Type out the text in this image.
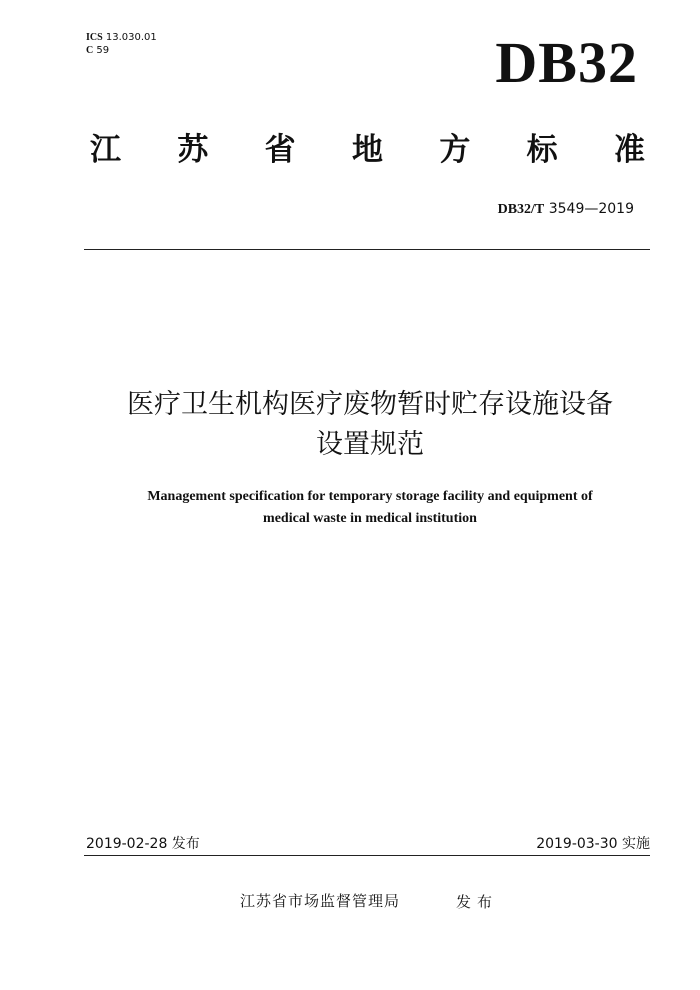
ICS 13.030.01
C 59	DB32
江 苏 省 地 方 标 准
DB32/T 3549—2019
医疗卫生机构医疗废物暂时贮存设施设备
设置规范
Management specification for temporary storage facility and equipment of
medical waste in medical institution
2019-02-28 发布	2019-03-30 实施
江苏省市场监督管理局	发布
